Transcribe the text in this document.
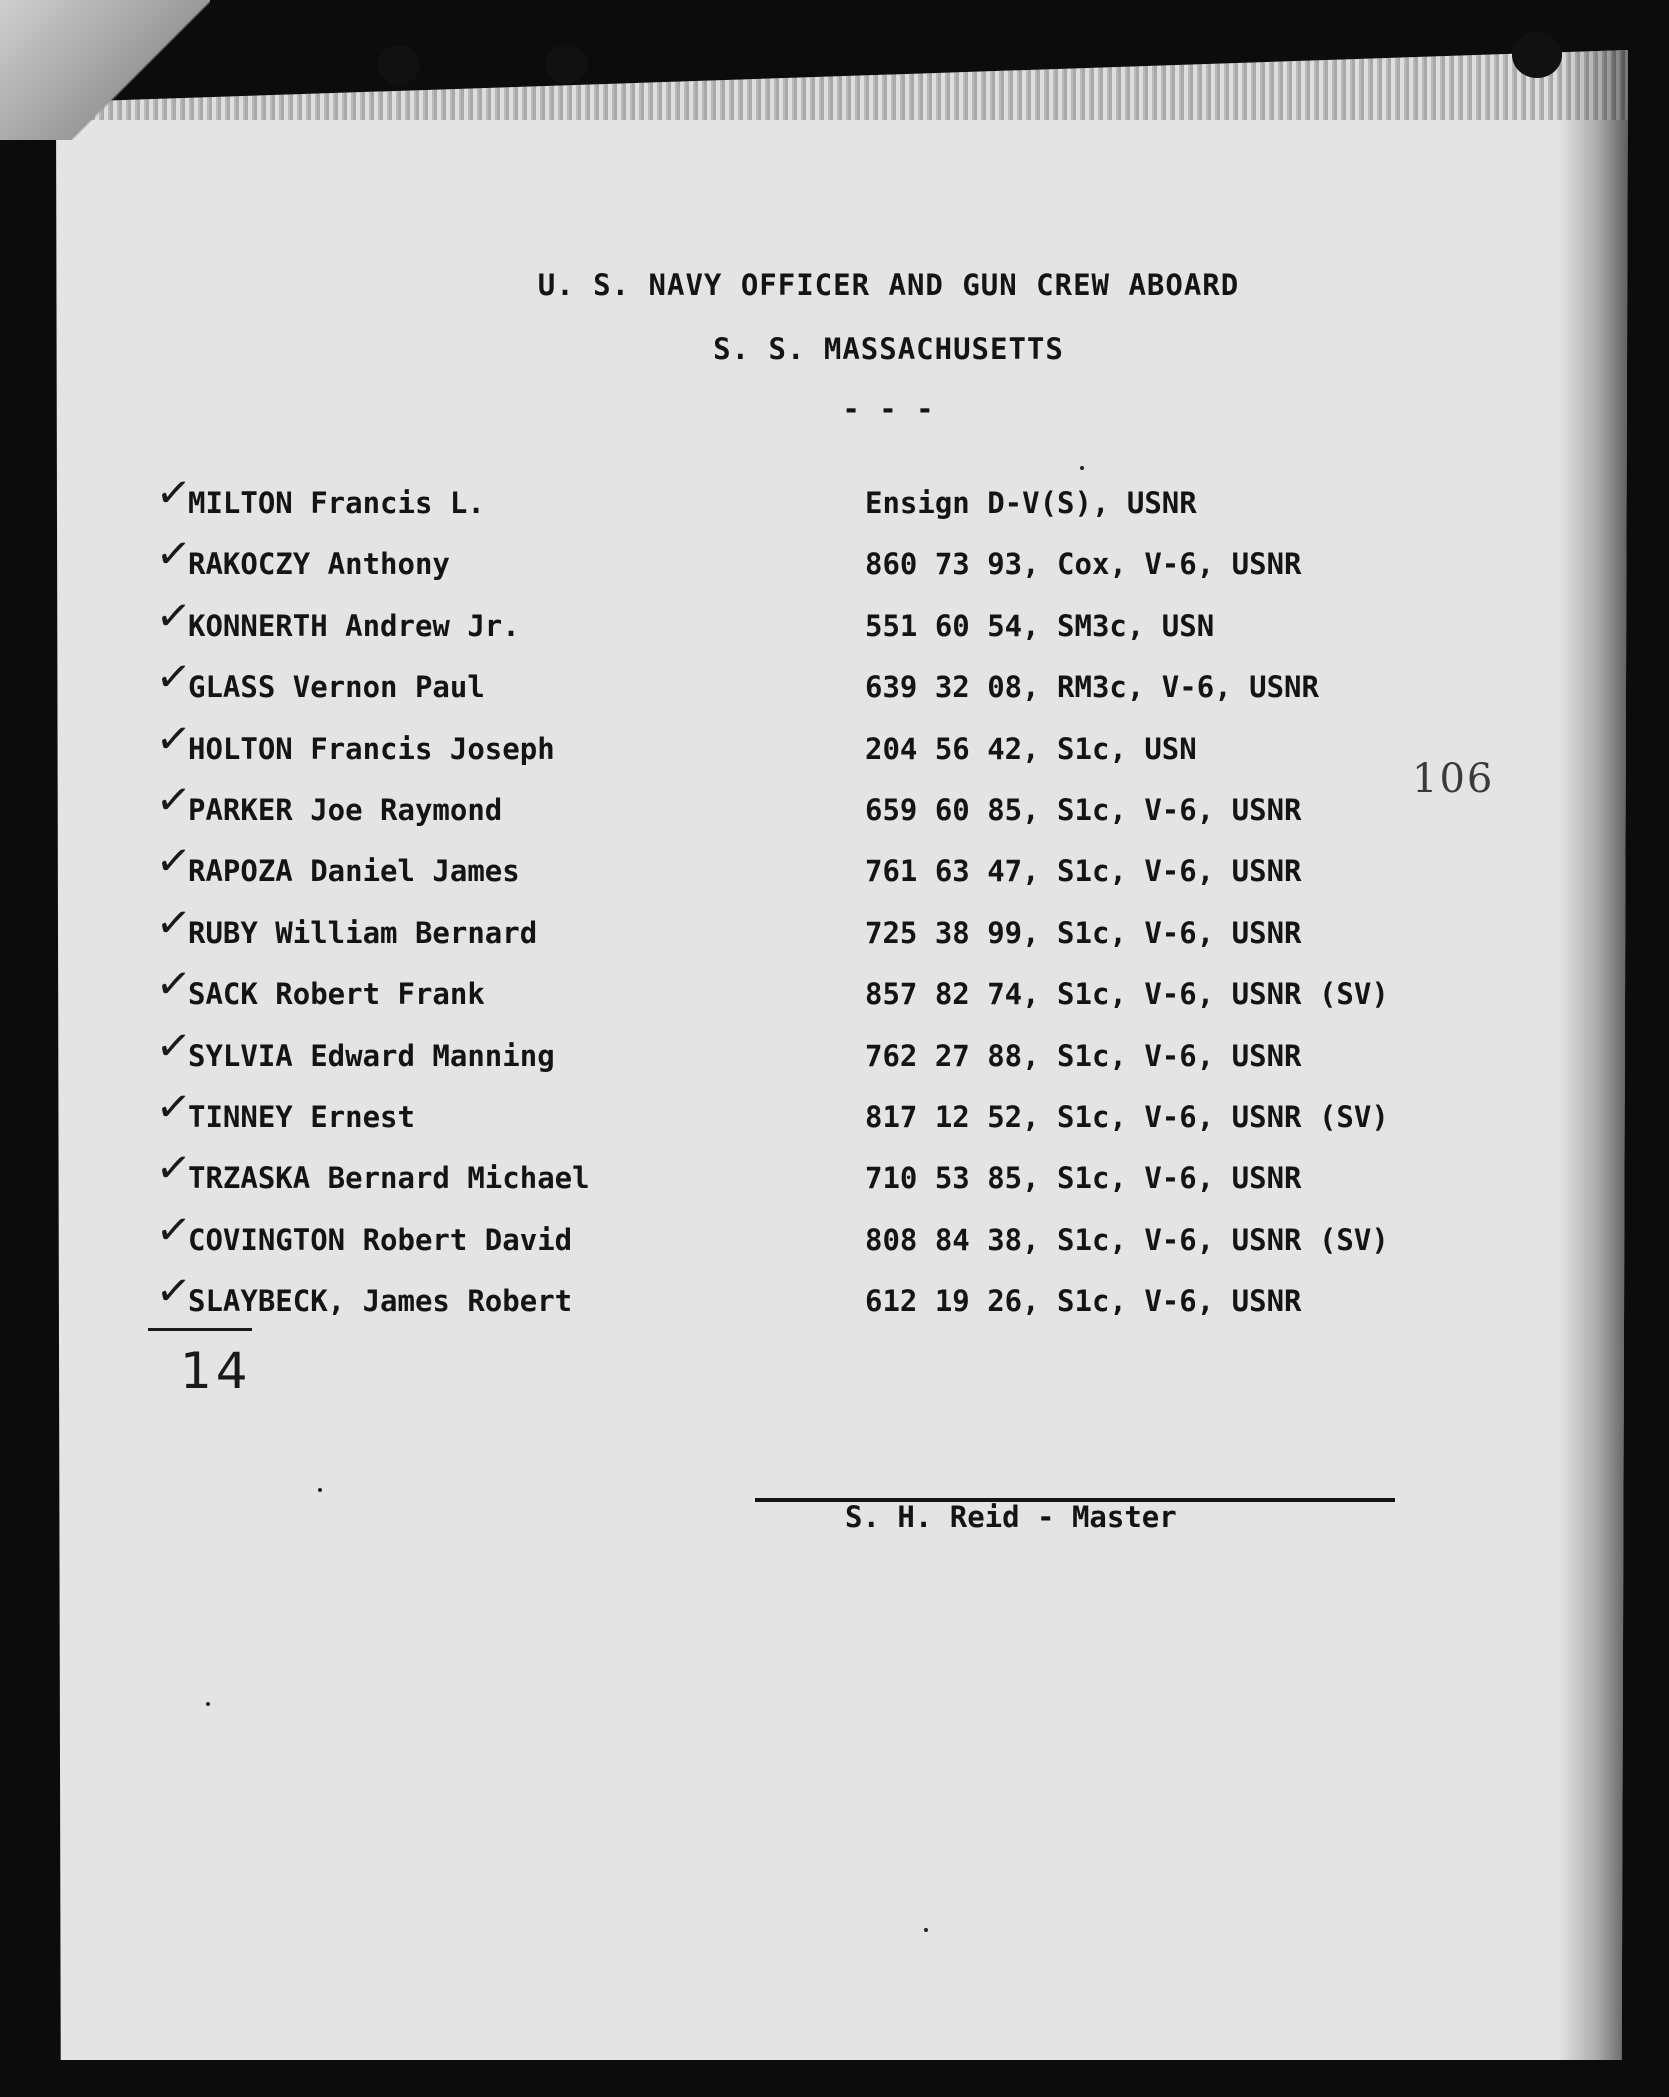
U. S. NAVY OFFICER AND GUN CREW ABOARD
S. S. MASSACHUSETTS
- - -
106
✓
MILTON Francis L.	Ensign D-V(S), USNR
✓
RAKOCZY Anthony	860 73 93, Cox, V-6, USNR
✓
KONNERTH Andrew Jr.	551 60 54, SM3c, USN
✓
GLASS Vernon Paul	639 32 08, RM3c, V-6, USNR
✓
HOLTON Francis Joseph	204 56 42, S1c, USN
✓
PARKER Joe Raymond	659 60 85, S1c, V-6, USNR
✓
RAPOZA Daniel James	761 63 47, S1c, V-6, USNR
✓
RUBY William Bernard	725 38 99, S1c, V-6, USNR
✓
SACK Robert Frank	857 82 74, S1c, V-6, USNR (SV)
✓
SYLVIA Edward Manning	762 27 88, S1c, V-6, USNR
✓
TINNEY Ernest	817 12 52, S1c, V-6, USNR (SV)
✓
TRZASKA Bernard Michael	710 53 85, S1c, V-6, USNR
✓
COVINGTON Robert David	808 84 38, S1c, V-6, USNR (SV)
✓
SLAYBECK, James Robert	612 19 26, S1c, V-6, USNR
14
S. H. Reid - Master
